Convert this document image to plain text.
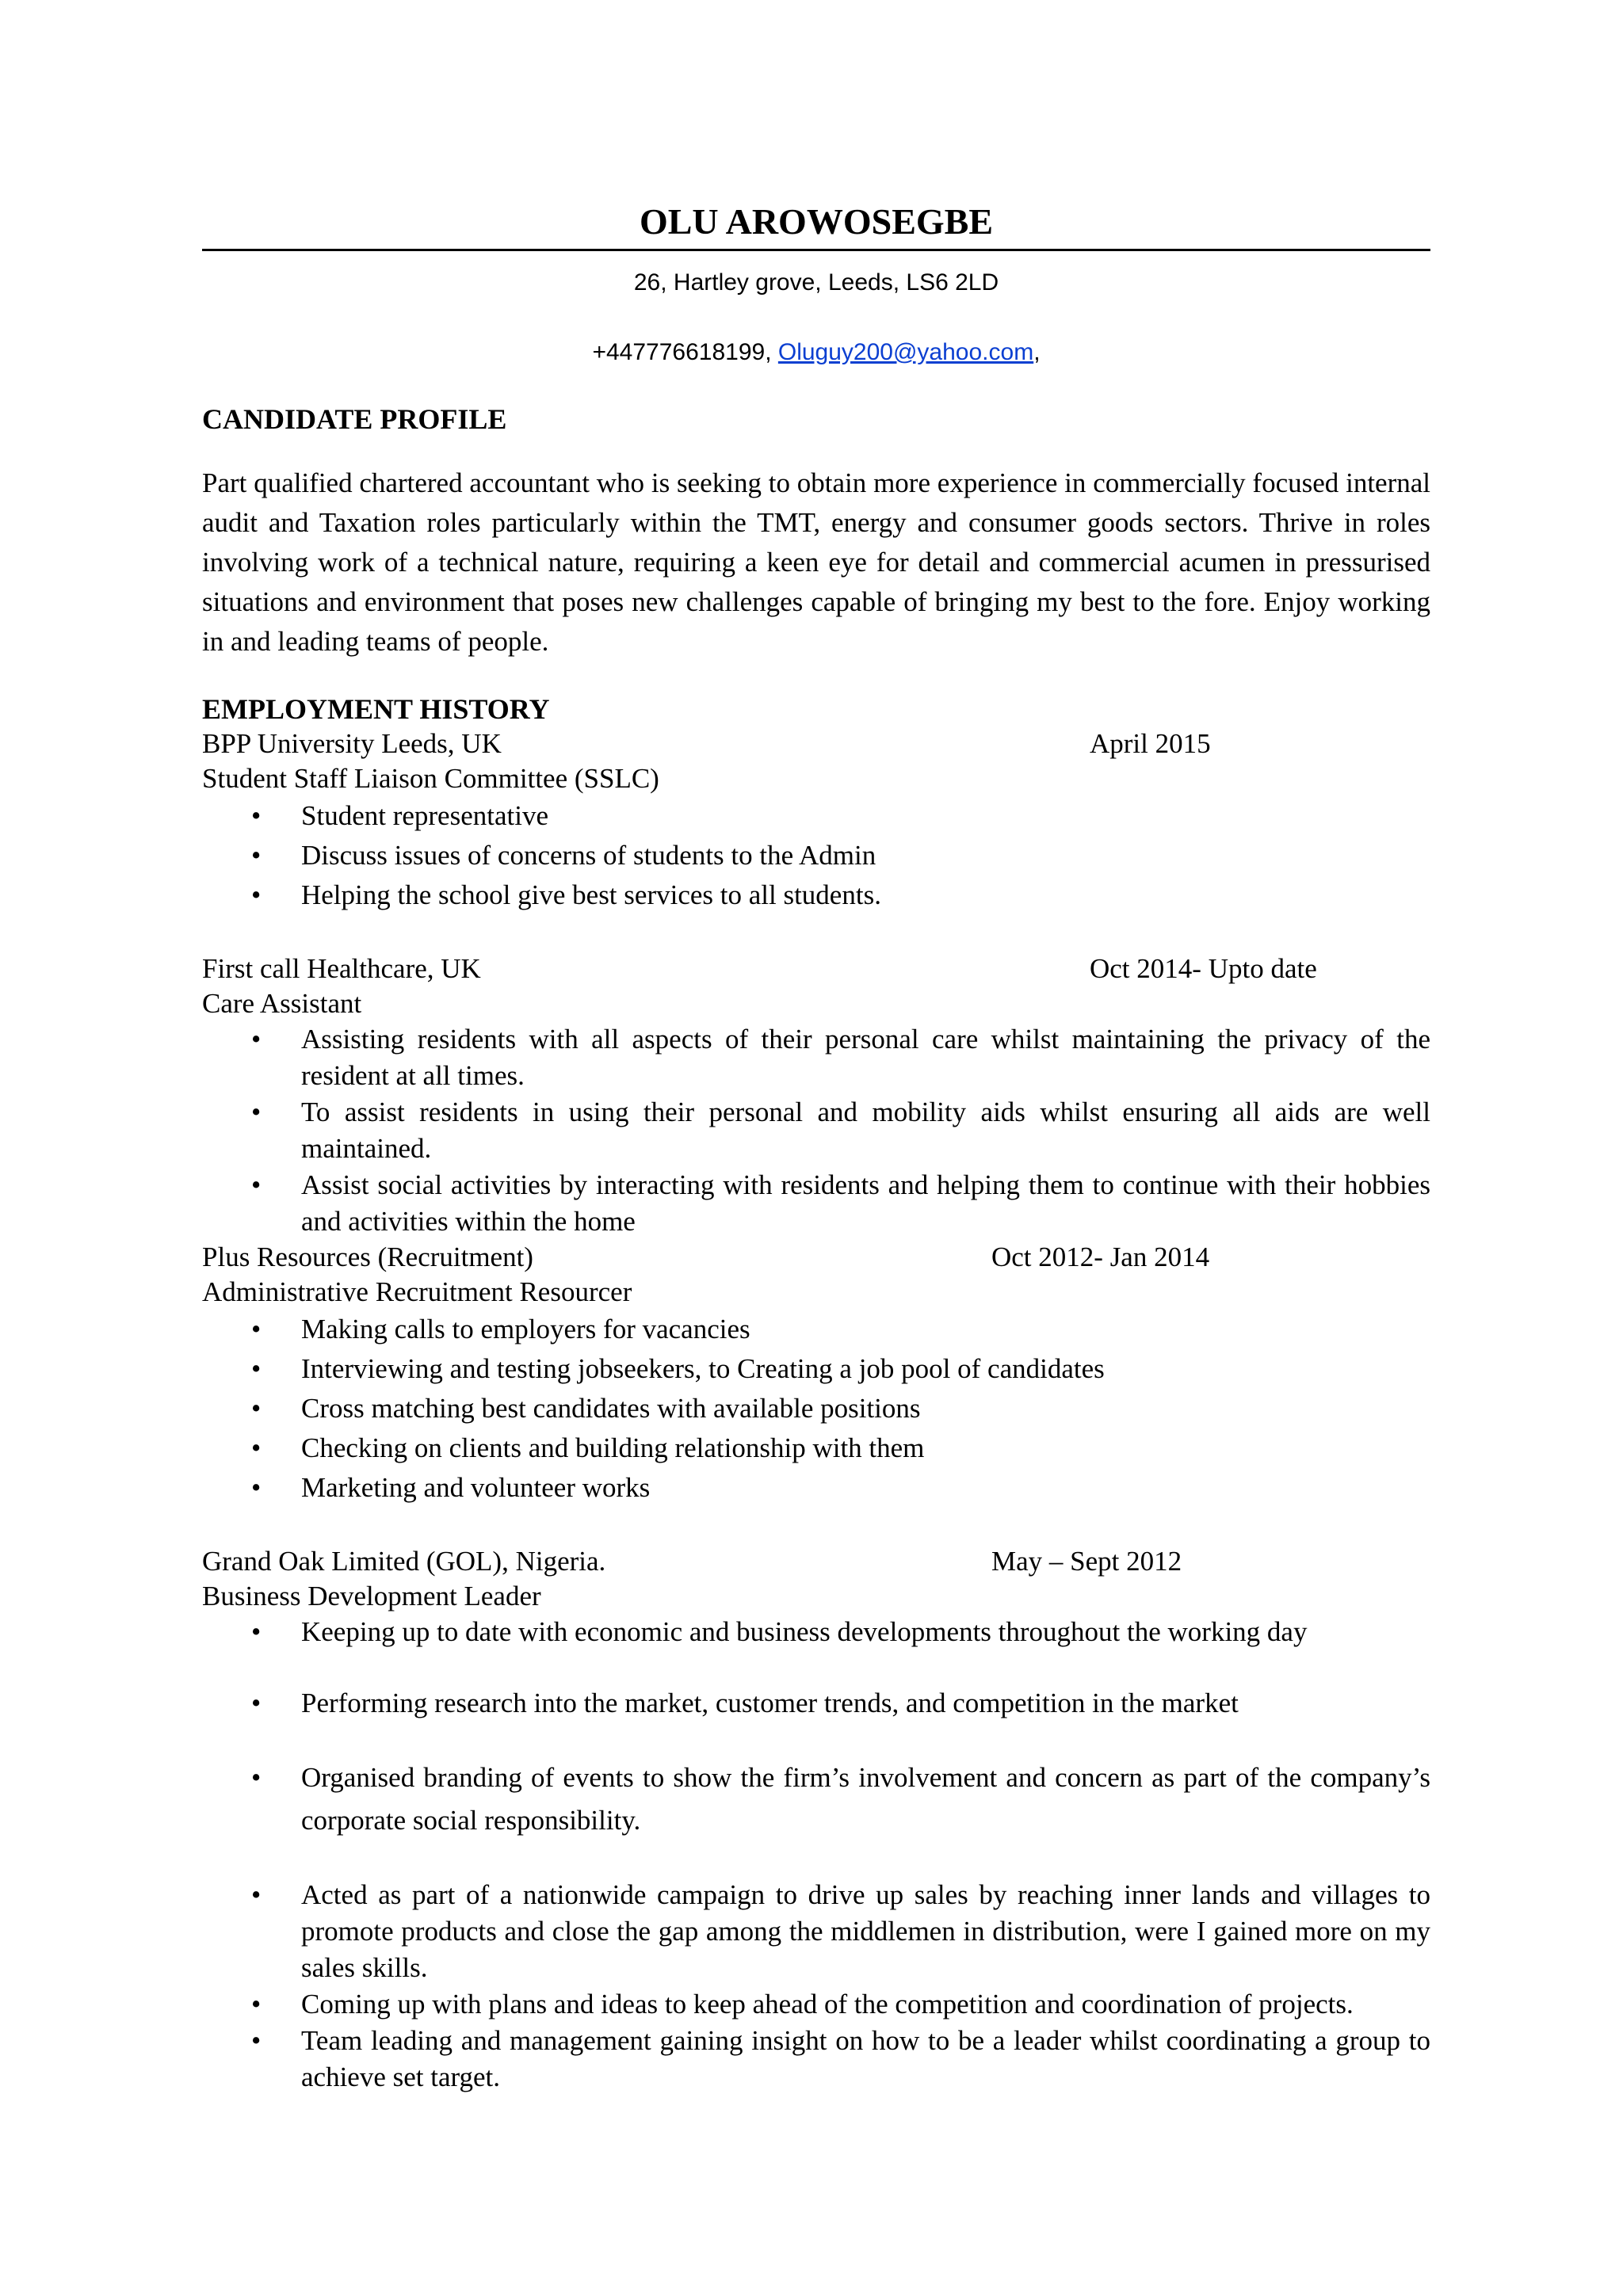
OLU AROWOSEGBE

26, Hartley grove, Leeds, LS6 2LD

+447776618199, Oluguy200@yahoo.com,

CANDIDATE PROFILE

Part qualified chartered accountant who is seeking to obtain more experience in commercially focused internal audit and Taxation roles particularly within the TMT, energy and consumer goods sectors. Thrive in roles involving work of a technical nature, requiring a keen eye for detail and commercial acumen in pressurised situations and environment that poses new challenges capable of bringing my best to the fore. Enjoy working in and leading teams of people.

EMPLOYMENT HISTORY
BPP University Leeds, UK	April 2015
Student Staff Liaison Committee (SSLC)
• Student representative
• Discuss issues of concerns of students to the Admin
• Helping the school give best services to all students.
First call Healthcare, UK	Oct 2014- Upto date
Care Assistant
• Assisting residents with all aspects of their personal care whilst maintaining the privacy of the resident at all times.
• To assist residents in using their personal and mobility aids whilst ensuring all aids are well maintained.
• Assist social activities by interacting with residents and helping them to continue with their hobbies and activities within the home
Plus Resources (Recruitment)	Oct 2012- Jan 2014
Administrative Recruitment Resourcer
• Making calls to employers for vacancies
• Interviewing and testing jobseekers, to Creating a job pool of candidates
• Cross matching best candidates with available positions
• Checking on clients and building relationship with them
• Marketing and volunteer works
Grand Oak Limited (GOL), Nigeria.	May – Sept 2012
Business Development Leader
• Keeping up to date with economic and business developments throughout the working day
• Performing research into the market, customer trends, and competition in the market
• Organised branding of events to show the firm’s involvement and concern as part of the company’s corporate social responsibility.
• Acted as part of a nationwide campaign to drive up sales by reaching inner lands and villages to promote products and close the gap among the middlemen in distribution, were I gained more on my sales skills.
• Coming up with plans and ideas to keep ahead of the competition and coordination of projects.
• Team leading and management gaining insight on how to be a leader whilst coordinating a group to achieve set target.
